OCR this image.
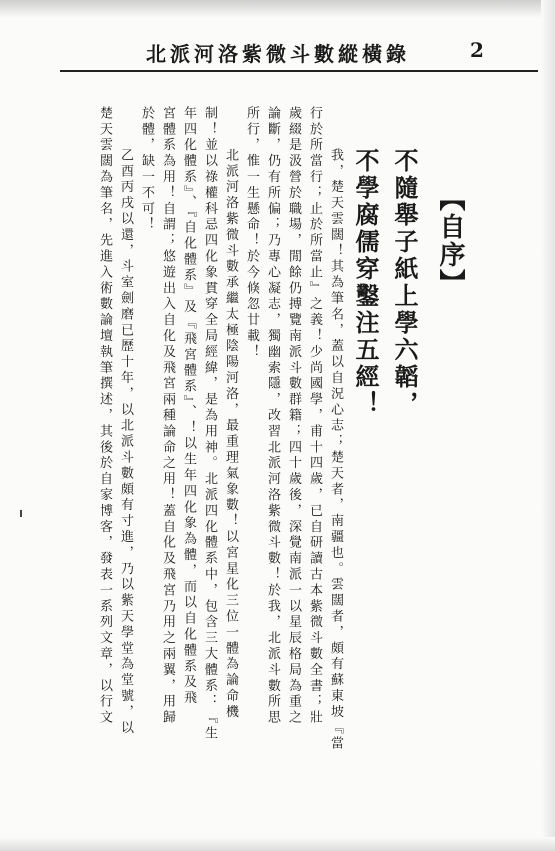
北派河洛紫微斗數縱橫錄	2
【自序】
不隨舉子紙上學六韜，
不學腐儒穿鑿注五經！
我，楚天雲闊！其為筆名，蓋以自況心志；楚天者，南疆也。雲闊者，頗有蘇東坡『當
行於所當行；止於所當止』之義！少尚國學，甫十四歲，已自研讀古本紫微斗數全書；壯
歲綴是汲營於職場，閒餘仍搏覽南派斗數群籍；四十歲後，深覺南派一以星辰格局為重之
論斷，仍有所偏；乃專心凝志，獨幽索隱，改習北派河洛紫微斗數！於我，北派斗數所思
所行，惟一生懸命！於今倏忽廿載！
北派河洛紫微斗數承繼太極陰陽河洛，最重理氣象數！以宮星化三位一體為論命機
制！並以祿權科忌四化象貫穿全局經緯，是為用神。北派四化體系中，包含三大體系：『生
年四化體系』、『自化體系』及『飛宮體系』、！以生年四化象為體，而以自化體系及飛
宮體系為用！自謂；悠遊出入自化及飛宮兩種論命之用！蓋自化及飛宮乃用之兩翼，用歸
於體，缺一不可！
乙酉丙戌以還，斗室劍磨已歷十年，以北派斗數頗有寸進，乃以紫天學堂為堂號，以
楚天雲闊為筆名，先進入術數論壇執筆撰述，其後於自家博客，發表一系列文章，以行文
